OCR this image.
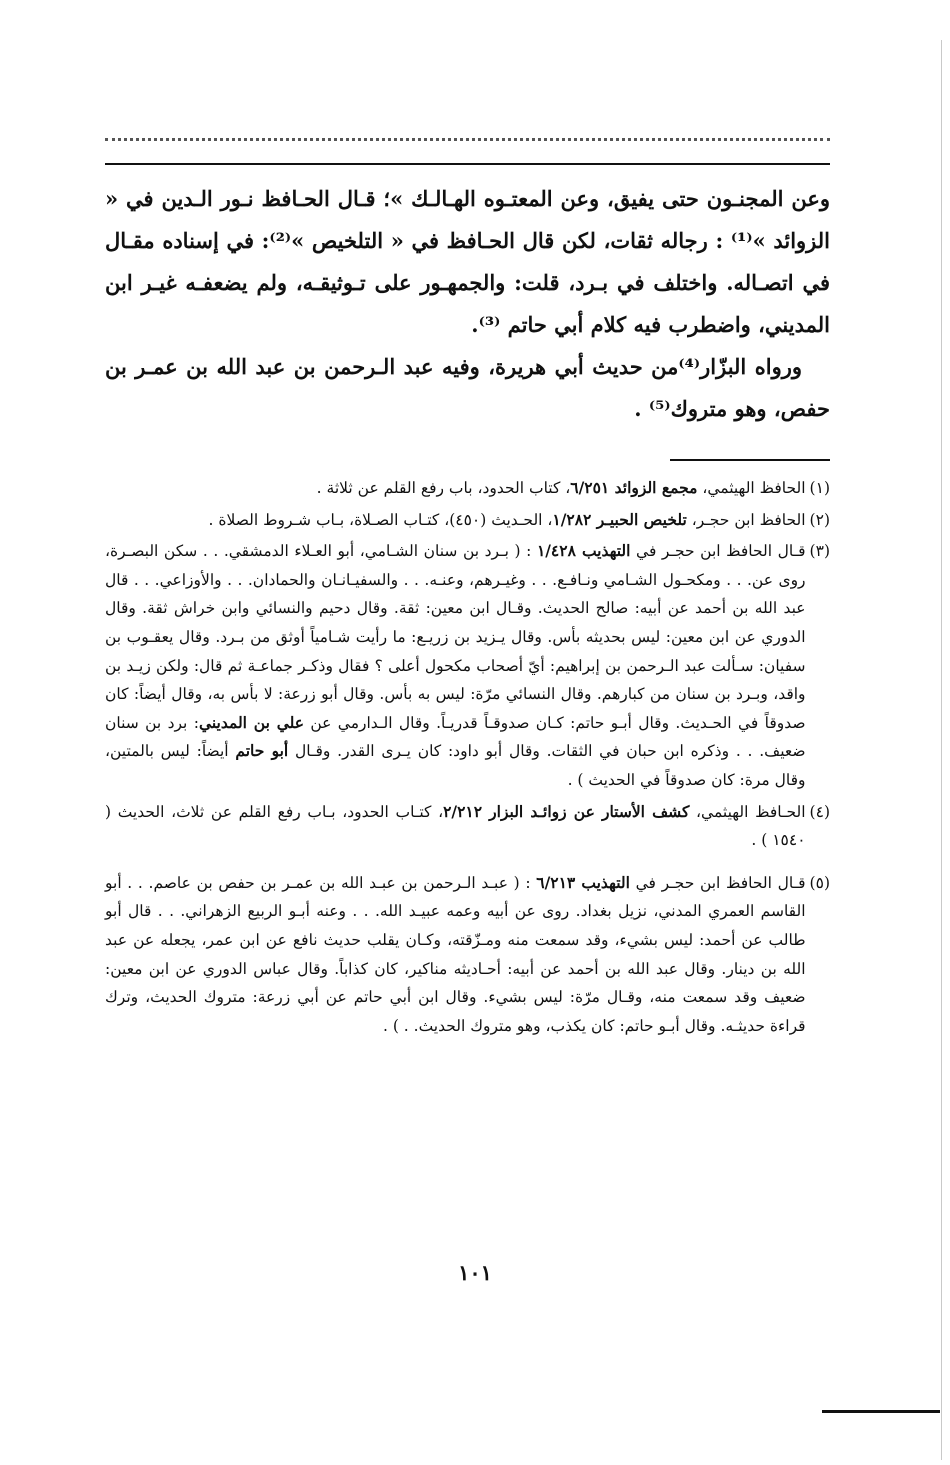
وعن المجنـون حتى يفيق، وعن المعتـوه الهـالـك »؛ قـال الحـافظ نـور الـدين في « الزوائد »⁽¹⁾ : رجاله ثقات، لكن قال الحـافظ في « التلخيص »⁽²⁾: في إسناده مقـال في اتصـاله. واختلف في بـرد، قلت: والجمهـور على تـوثيقـه، ولم يضعفـه غيـر ابن المديني، واضطرب فيه كلام أبي حاتم ⁽³⁾.

ورواه البزّار⁽⁴⁾من حديث أبي هريرة، وفيه عبد الـرحمن بن عبد الله بن عمـر بن حفص، وهو متروك⁽⁵⁾ .

(١)
الحافظ الهيثمي، مجمع الزوائد ٦/٢٥١، كتاب الحدود، باب رفع القلم عن ثلاثة .
(٢)
الحافظ ابن حجـر، تلخيص الحبيـر ١/٢٨٢، الحـديث (٤٥٠)، كتـاب الصـلاة، بـاب شـروط الصلاة .
(٣)
قـال الحافظ ابن حجـر في التهذيب ١/٤٢٨ : ( بـرد بن سنان الشـامي، أبو العـلاء الدمشقي. . . سكن البصـرة، روى عن. . . ومكحـول الشـامي ونـافـع. . . وغيـرهم، وعنـه. . . والسفيـانـان والحمادان. . . والأوزاعي. . . قال عبد الله بن أحمد عن أبيه: صالح الحديث. وقـال ابن معين: ثقة. وقال دحيم والنسائي وابن خراش ثقة. وقال الدوري عن ابن معين: ليس بحديثه بأس. وقال يـزيد بن زريـع: ما رأيت شـامياً أوثق من بـرد. وقال يعقـوب بن سفيان: سـألت عبد الـرحمن بن إبراهيم: أيّ أصحاب مكحول أعلى ؟ فقال وذكـر جماعـة ثم قال: ولكن زيـد بن واقد، وبـرد بن سنان من كبارهم. وقال النسائي مرّة: ليس به بأس. وقال أبو زرعة: لا بأس به، وقال أيضاً: كان صدوقاً في الحـديث. وقال أبـو حاتم: كـان صدوقـاً قدريـاً. وقال الـدارمي عن علي بن المديني: برد بن سنان ضعيف. . . وذكره ابن حبان في الثقات. وقال أبو داود: كان يـرى القدر. وقـال أبو حاتم أيضاً: ليس بالمتين، وقال مرة: كان صدوقاً في الحديث ) .
(٤)
الحـافظ الهيثمي، كشف الأستار عن زوائـد البزار ٢/٢١٢، كتـاب الحدود، بـاب رفع القلم عن ثلاث، الحديث ( ١٥٤٠ ) .
(٥)
قـال الحافظ ابن حجـر في التهذيب ٦/٢١٣ : ( عبـد الـرحمن بن عبـد الله بن عمـر بن حفص بن عاصم. . . أبو القاسم العمري المدني، نزيل بغداد. روى عن أبيه وعمه عبيـد الله. . . وعنه أبـو الربيع الزهراني. . . قال أبو طالب عن أحمد: ليس بشيء، وقد سمعت منه ومـزّقته، وكـان يقلب حديث نافع عن ابن عمر، يجعله عن عبد الله بن دينار. وقال عبد الله بن أحمد عن أبيه: أحـاديثه مناكير، كان كذاباً. وقال عباس الدوري عن ابن معين: ضعيف وقد سمعت منه، وقـال مرّة: ليس بشيء. وقال ابن أبي حاتم عن أبي زرعة: متروك الحديث، وترك قراءة حديثـه. وقال أبـو حاتم: كان يكذب، وهو متروك الحديث. . ) .
١٠١
